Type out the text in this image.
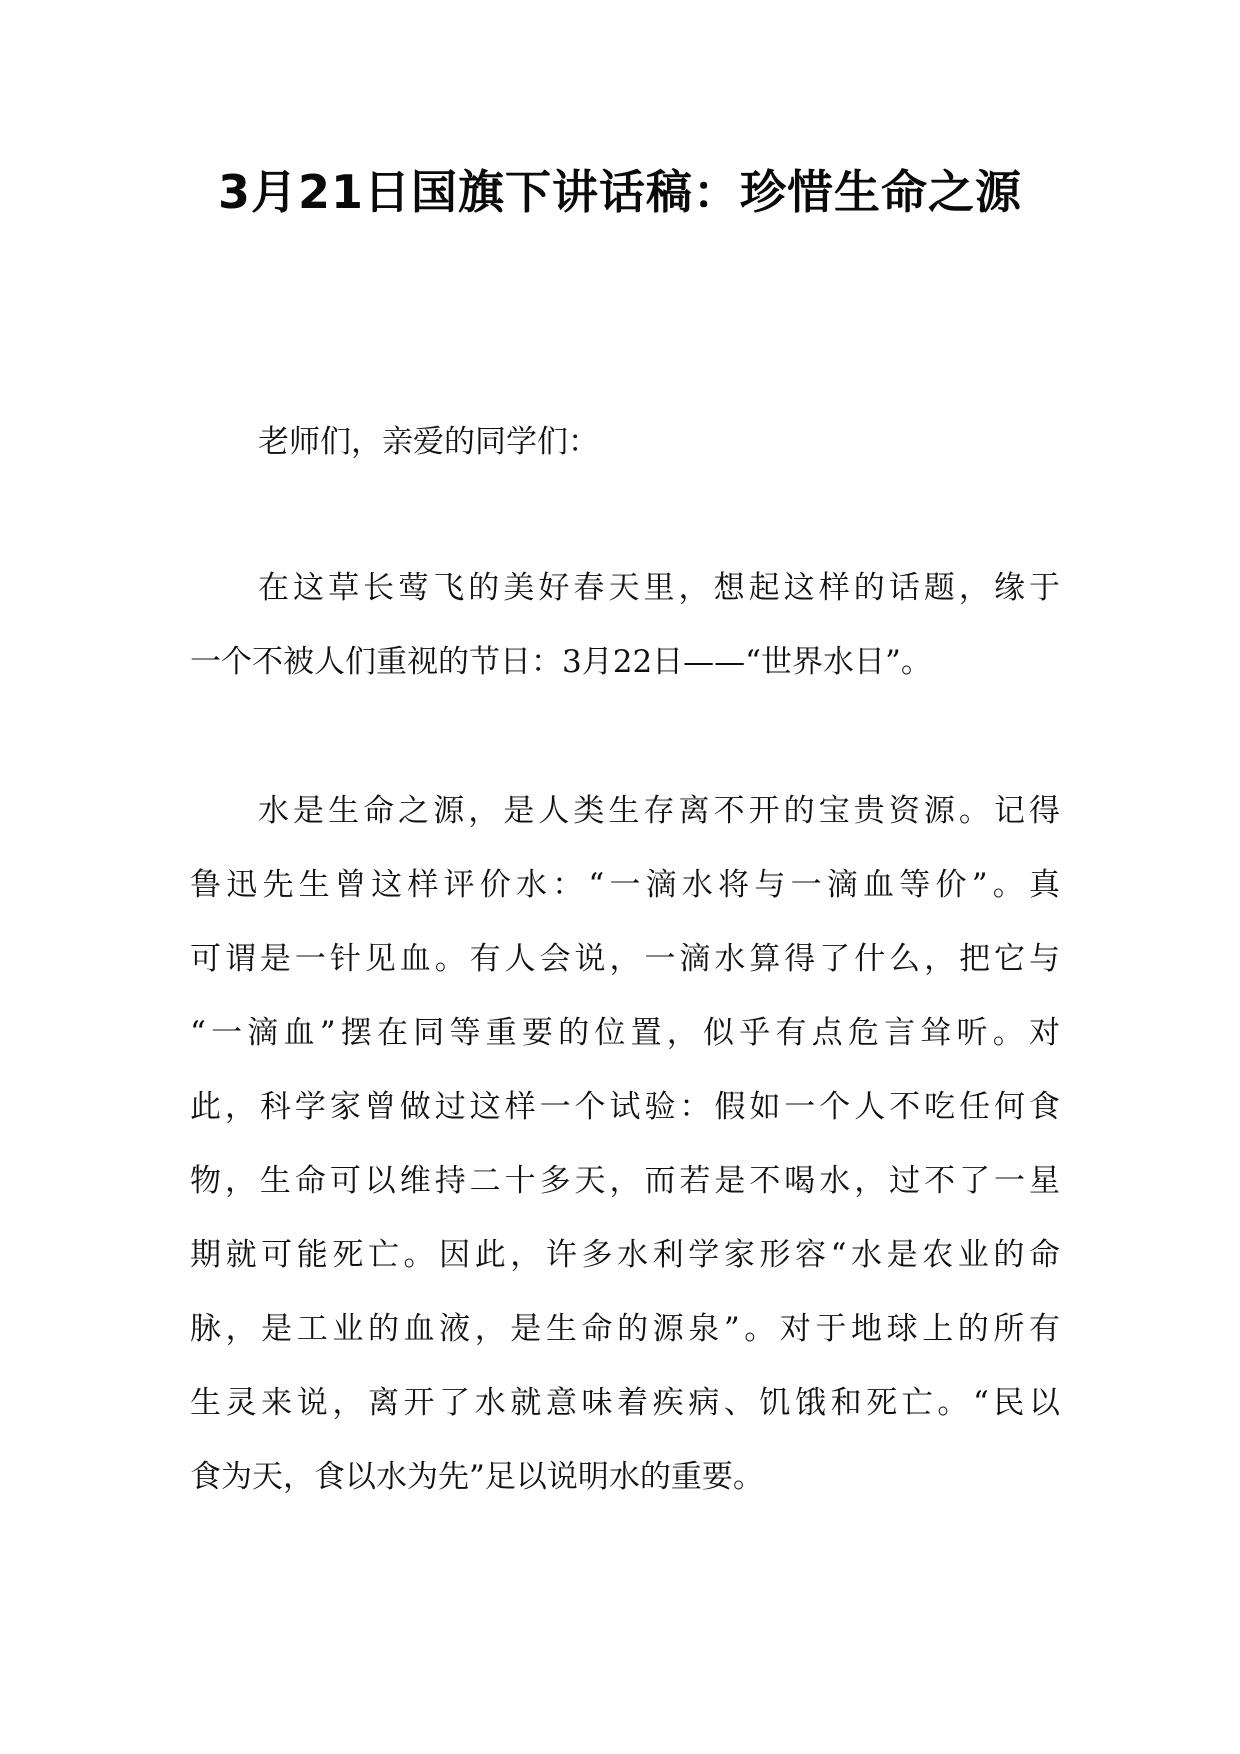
3月21日国旗下讲话稿：珍惜生命之源

老师们，亲爱的同学们：

在这草长莺飞的美好春天里，想起这样的话题，缘于
一个不被人们重视的节日：3月22日——“世界水日”。
水是生命之源，是人类生存离不开的宝贵资源。记得
鲁迅先生曾这样评价水：“一滴水将与一滴血等价”。真
可谓是一针见血。有人会说，一滴水算得了什么，把它与
“一滴血”摆在同等重要的位置，似乎有点危言耸听。对
此，科学家曾做过这样一个试验：假如一个人不吃任何食
物，生命可以维持二十多天，而若是不喝水，过不了一星
期就可能死亡。因此，许多水利学家形容“水是农业的命
脉，是工业的血液，是生命的源泉”。对于地球上的所有
生灵来说，离开了水就意味着疾病、饥饿和死亡。“民以
食为天，食以水为先”足以说明水的重要。
